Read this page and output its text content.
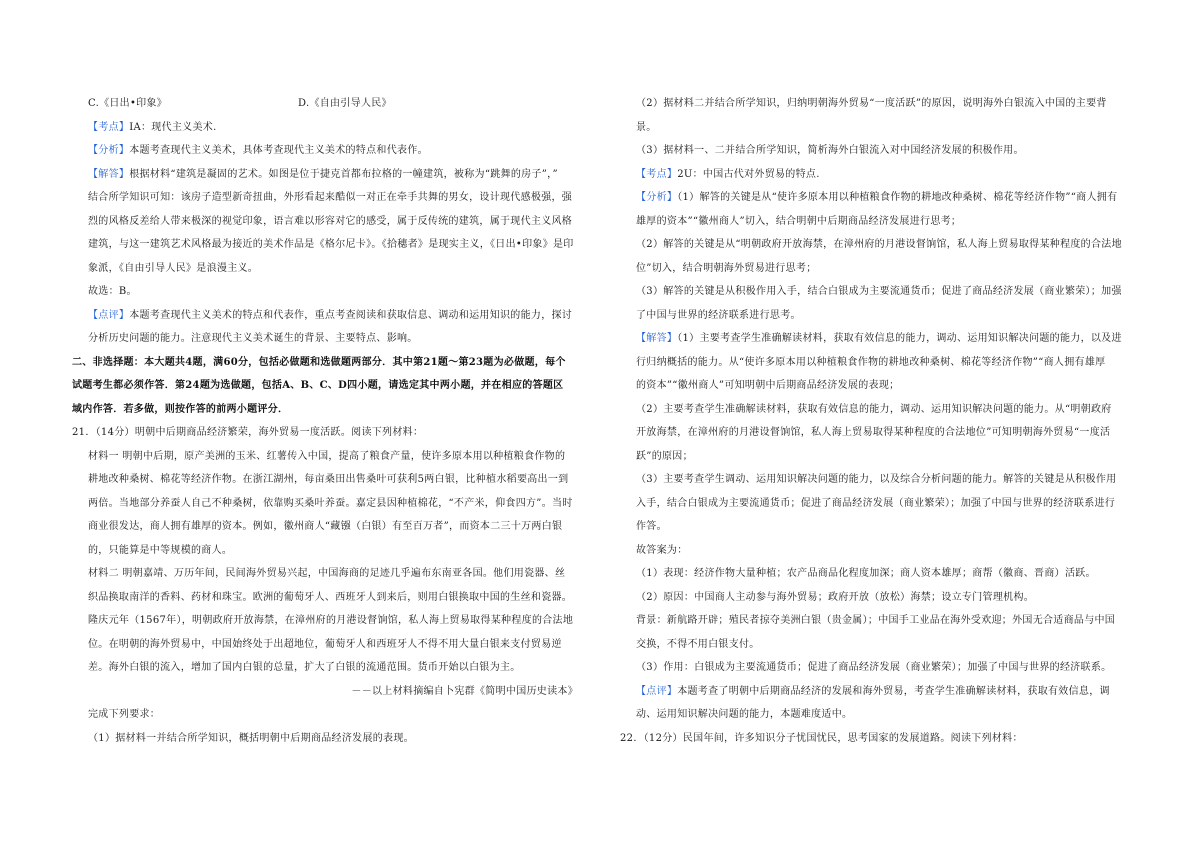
C.《日出•印象》	D.《自由引导人民》
【考点】IA：现代主义美术.
【分析】本题考查现代主义美术，具体考查现代主义美术的特点和代表作。
【解答】根据材料“建筑是凝固的艺术。如图是位于捷克首都布拉格的一幢建筑，被称为“跳舞的房子”，”
结合所学知识可知：该房子造型新奇扭曲，外形看起来酷似一对正在牵手共舞的男女，设计现代感极强，强
烈的风格反差给人带来极深的视觉印象，语言难以形容对它的感受，属于反传统的建筑，属于现代主义风格
建筑，与这一建筑艺术风格最为接近的美术作品是《格尔尼卡》。《拾穗者》是现实主义，《日出•印象》是印
象派，《自由引导人民》是浪漫主义。
故选：B。
【点评】本题考查现代主义美术的特点和代表作，重点考查阅读和获取信息、调动和运用知识的能力，探讨
分析历史问题的能力。注意现代主义美术诞生的背景、主要特点、影响。
二、非选择题：本大题共4题，满60分，包括必做题和选做题两部分．其中第21题～第23题为必做题，每个
试题考生都必须作答．第24题为选做题，包括A、B、C、D四小题，请选定其中两小题，并在相应的答题区
域内作答．若多做，则按作答的前两小题评分．
21．（14分）明朝中后期商品经济繁荣，海外贸易一度活跃。阅读下列材料：
材料一 明朝中后期，原产美洲的玉米、红薯传入中国，提高了粮食产量，使许多原本用以种植粮食作物的
耕地改种桑树、棉花等经济作物。在浙江湖州，每亩桑田出售桑叶可获利5两白银，比种植水稻要高出一到
两倍。当地部分养蚕人自己不种桑树，依靠购买桑叶养蚕。嘉定县因种植棉花，“不产米，仰食四方”。当时
商业很发达，商人拥有雄厚的资本。例如，徽州商人“藏镪（白银）有至百万者”，而资本二三十万两白银
的，只能算是中等规模的商人。
材料二 明朝嘉靖、万历年间，民间海外贸易兴起，中国海商的足迹几乎遍布东南亚各国。他们用瓷器、丝
织品换取南洋的香料、药材和珠宝。欧洲的葡萄牙人、西班牙人到来后，则用白银换取中国的生丝和瓷器。
隆庆元年（1567年），明朝政府开放海禁，在漳州府的月港设督饷馆，私人海上贸易取得某种程度的合法地
位。在明朝的海外贸易中，中国始终处于出超地位，葡萄牙人和西班牙人不得不用大量白银来支付贸易逆
差。海外白银的流入，增加了国内白银的总量，扩大了白银的流通范围。货币开始以白银为主。
－－以上材料摘编自卜宪群《简明中国历史读本》
完成下列要求：
（1）据材料一并结合所学知识，概括明朝中后期商品经济发展的表现。
（2）据材料二并结合所学知识，归纳明朝海外贸易“一度活跃”的原因，说明海外白银流入中国的主要背
景。
（3）据材料一、二并结合所学知识，简析海外白银流入对中国经济发展的积极作用。
【考点】2U：中国古代对外贸易的特点.
【分析】（1）解答的关键是从“使许多原本用以种植粮食作物的耕地改种桑树、棉花等经济作物”“商人拥有
雄厚的资本”“徽州商人”切入，结合明朝中后期商品经济发展进行思考；
（2）解答的关键是从“明朝政府开放海禁，在漳州府的月港设督饷馆，私人海上贸易取得某种程度的合法地
位”切入，结合明朝海外贸易进行思考；
（3）解答的关键是从积极作用入手，结合白银成为主要流通货币；促进了商品经济发展（商业繁荣）；加强
了中国与世界的经济联系进行思考。
【解答】（1）主要考查学生准确解读材料，获取有效信息的能力，调动、运用知识解决问题的能力，以及进
行归纳概括的能力。从“使许多原本用以种植粮食作物的耕地改种桑树、棉花等经济作物”“商人拥有雄厚
的资本”“徽州商人”可知明朝中后期商品经济发展的表现；
（2）主要考查学生准确解读材料，获取有效信息的能力，调动、运用知识解决问题的能力。从“明朝政府
开放海禁，在漳州府的月港设督饷馆，私人海上贸易取得某种程度的合法地位”可知明朝海外贸易“一度活
跃”的原因；
（3）主要考查学生调动、运用知识解决问题的能力，以及综合分析问题的能力。解答的关键是从积极作用
入手，结合白银成为主要流通货币；促进了商品经济发展（商业繁荣）；加强了中国与世界的经济联系进行
作答。
故答案为：
（1）表现：经济作物大量种植；农产品商品化程度加深；商人资本雄厚；商帮（徽商、晋商）活跃。
（2）原因：中国商人主动参与海外贸易；政府开放（放松）海禁；设立专门管理机构。
背景：新航路开辟；殖民者掠夺美洲白银（贵金属）；中国手工业品在海外受欢迎；外国无合适商品与中国
交换，不得不用白银支付。
（3）作用：白银成为主要流通货币；促进了商品经济发展（商业繁荣）；加强了中国与世界的经济联系。
【点评】本题考查了明朝中后期商品经济的发展和海外贸易，考查学生准确解读材料，获取有效信息，调
动、运用知识解决问题的能力，本题难度适中。
22．（12分）民国年间，许多知识分子忧国忧民，思考国家的发展道路。阅读下列材料：
